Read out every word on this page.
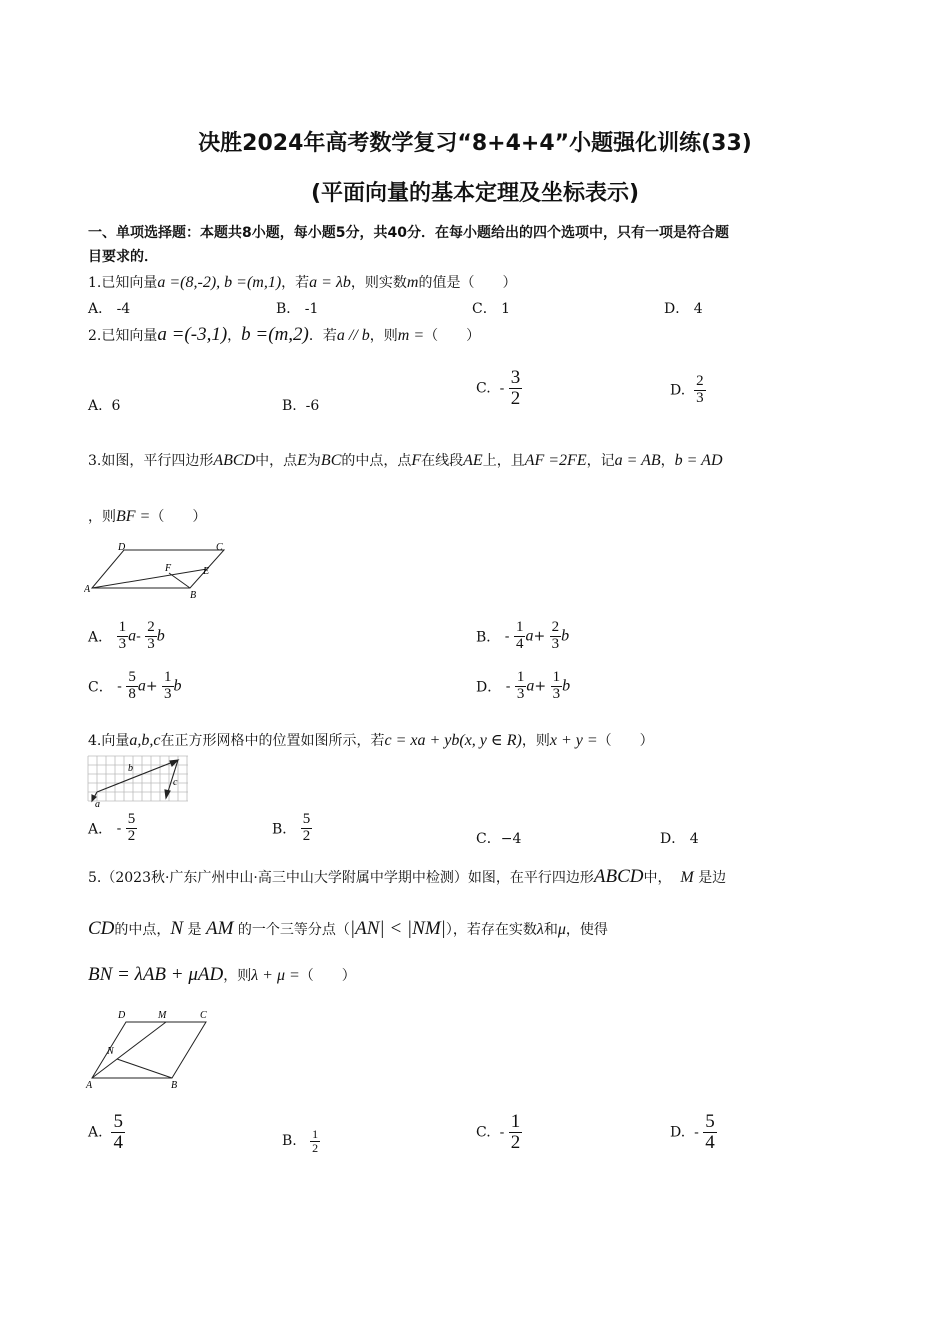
决胜2024年高考数学复习“8+4+4”小题强化训练(33)
(平面向量的基本定理及坐标表示)
一、单项选择题：本题共8小题，每小题5分，共40分．在每小题给出的四个选项中，只有一项是符合题
目要求的．
1.已知向量a =(8,-2), b =(m,1)，若a = λb，则实数m的值是（　　）
A． -4	B． -1	C． 1	D． 4
2.已知向量a =(-3,1)，b =(m,2)．若a // b，则m =（　　）
A. 6	B. -6
C. - $\frac{3}{2}$	D. $\frac{2}{3}$
3.如图，平行四边形ABCD中，点E为BC的中点，点F在线段AE上，且AF =2FE，记a = AB，b = AD
，则BF =（　　）
A
B
C
D
E
F
A． $\frac{1}{3} a- \frac{2}{3}$ b	B． - $\frac{1}{4} a+ \frac{2}{3}$ b
C． - $\frac{5}{8} a+ \frac{1}{3}$ b	D． - $\frac{1}{3} a+ \frac{1}{3}$ b
4.向量a,b,c在正方形网格中的位置如图所示，若c = xa + yb(x, y ∈ R)，则x + y =（　　）
a
b
c
A． - $\frac{5}{2}$	B． $\frac{5}{2}$	C．−4	D． 4
5.（2023秋·广东广州中山·高三中山大学附属中学期中检测）如图，在平行四边形ABCD中， M 是边
CD的中点，N 是 AM 的一个三等分点（|AN| < |NM|），若存在实数λ和μ，使得
BN = λAB + μAD，则λ + μ =（　　）
A	B
C
D	M
N
A. $\frac{5}{4}$	B. $\frac{1}{2}$	C. - $\frac{1}{2}$	D. - $\frac{5}{4}$
